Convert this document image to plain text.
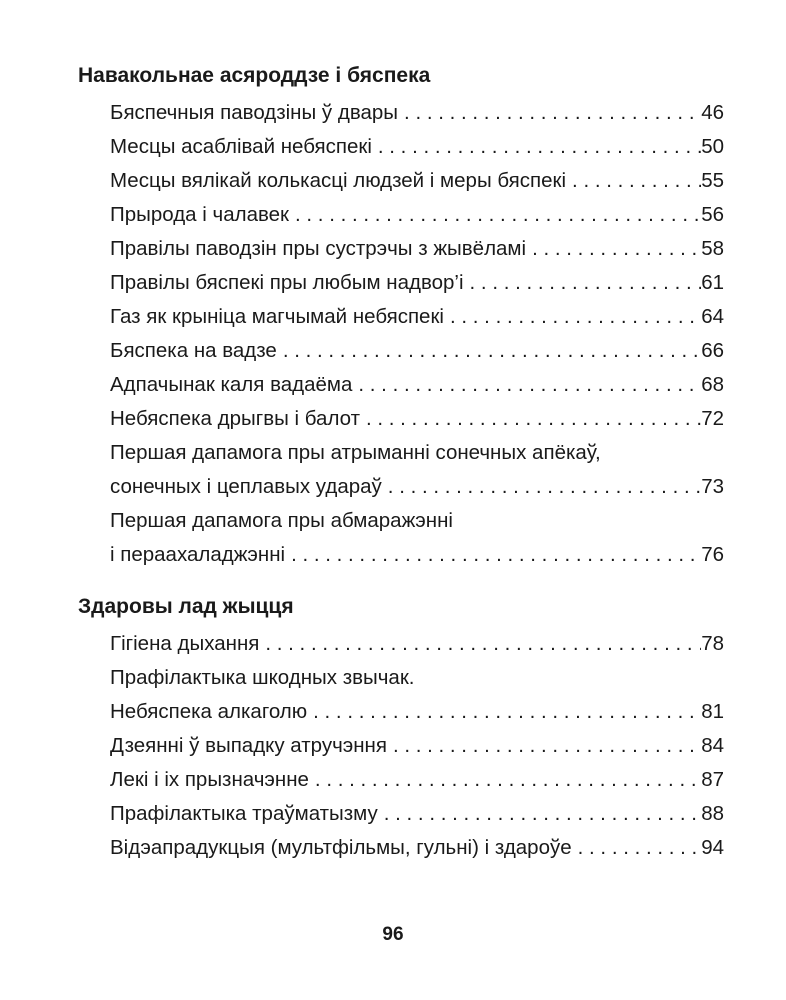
Навакольнае асяроддзе і бяспека
Бяспечныя паводзіны ў двары . . .	46
Месцы асаблівай небяспекі . . .	50
Месцы вялікай колькасці людзей і меры бяспекі . . .	55
Прырода і чалавек . . .	56
Правілы паводзін пры сустрэчы з жывёламі . . .	58
Правілы бяспекі пры любым надвор’і . . .	61
Газ як крыніца магчымай небяспекі . . .	64
Бяспека на вадзе . . .	66
Адпачынак каля вадаёма . . .	68
Небяспека дрыгвы і балот . . .	72
Першая дапамога пры атрыманні сонечных апёкаў,
сонечных і цеплавых удараў . . .	73
Першая дапамога пры абмаражэнні
і пераахаладжэнні . . .	76
Здаровы лад жыцця
Гігіена дыхання . . .	78
Прафілактыка шкодных звычак.
Небяспека алкаголю . . .	81
Дзеянні ў выпадку атручэння . . .	84
Лекі і іх прызначэнне . . .	87
Прафілактыка траўматызму . . .	88
Відэапрадукцыя (мультфільмы, гульні) і здароўе . . .	94
96
